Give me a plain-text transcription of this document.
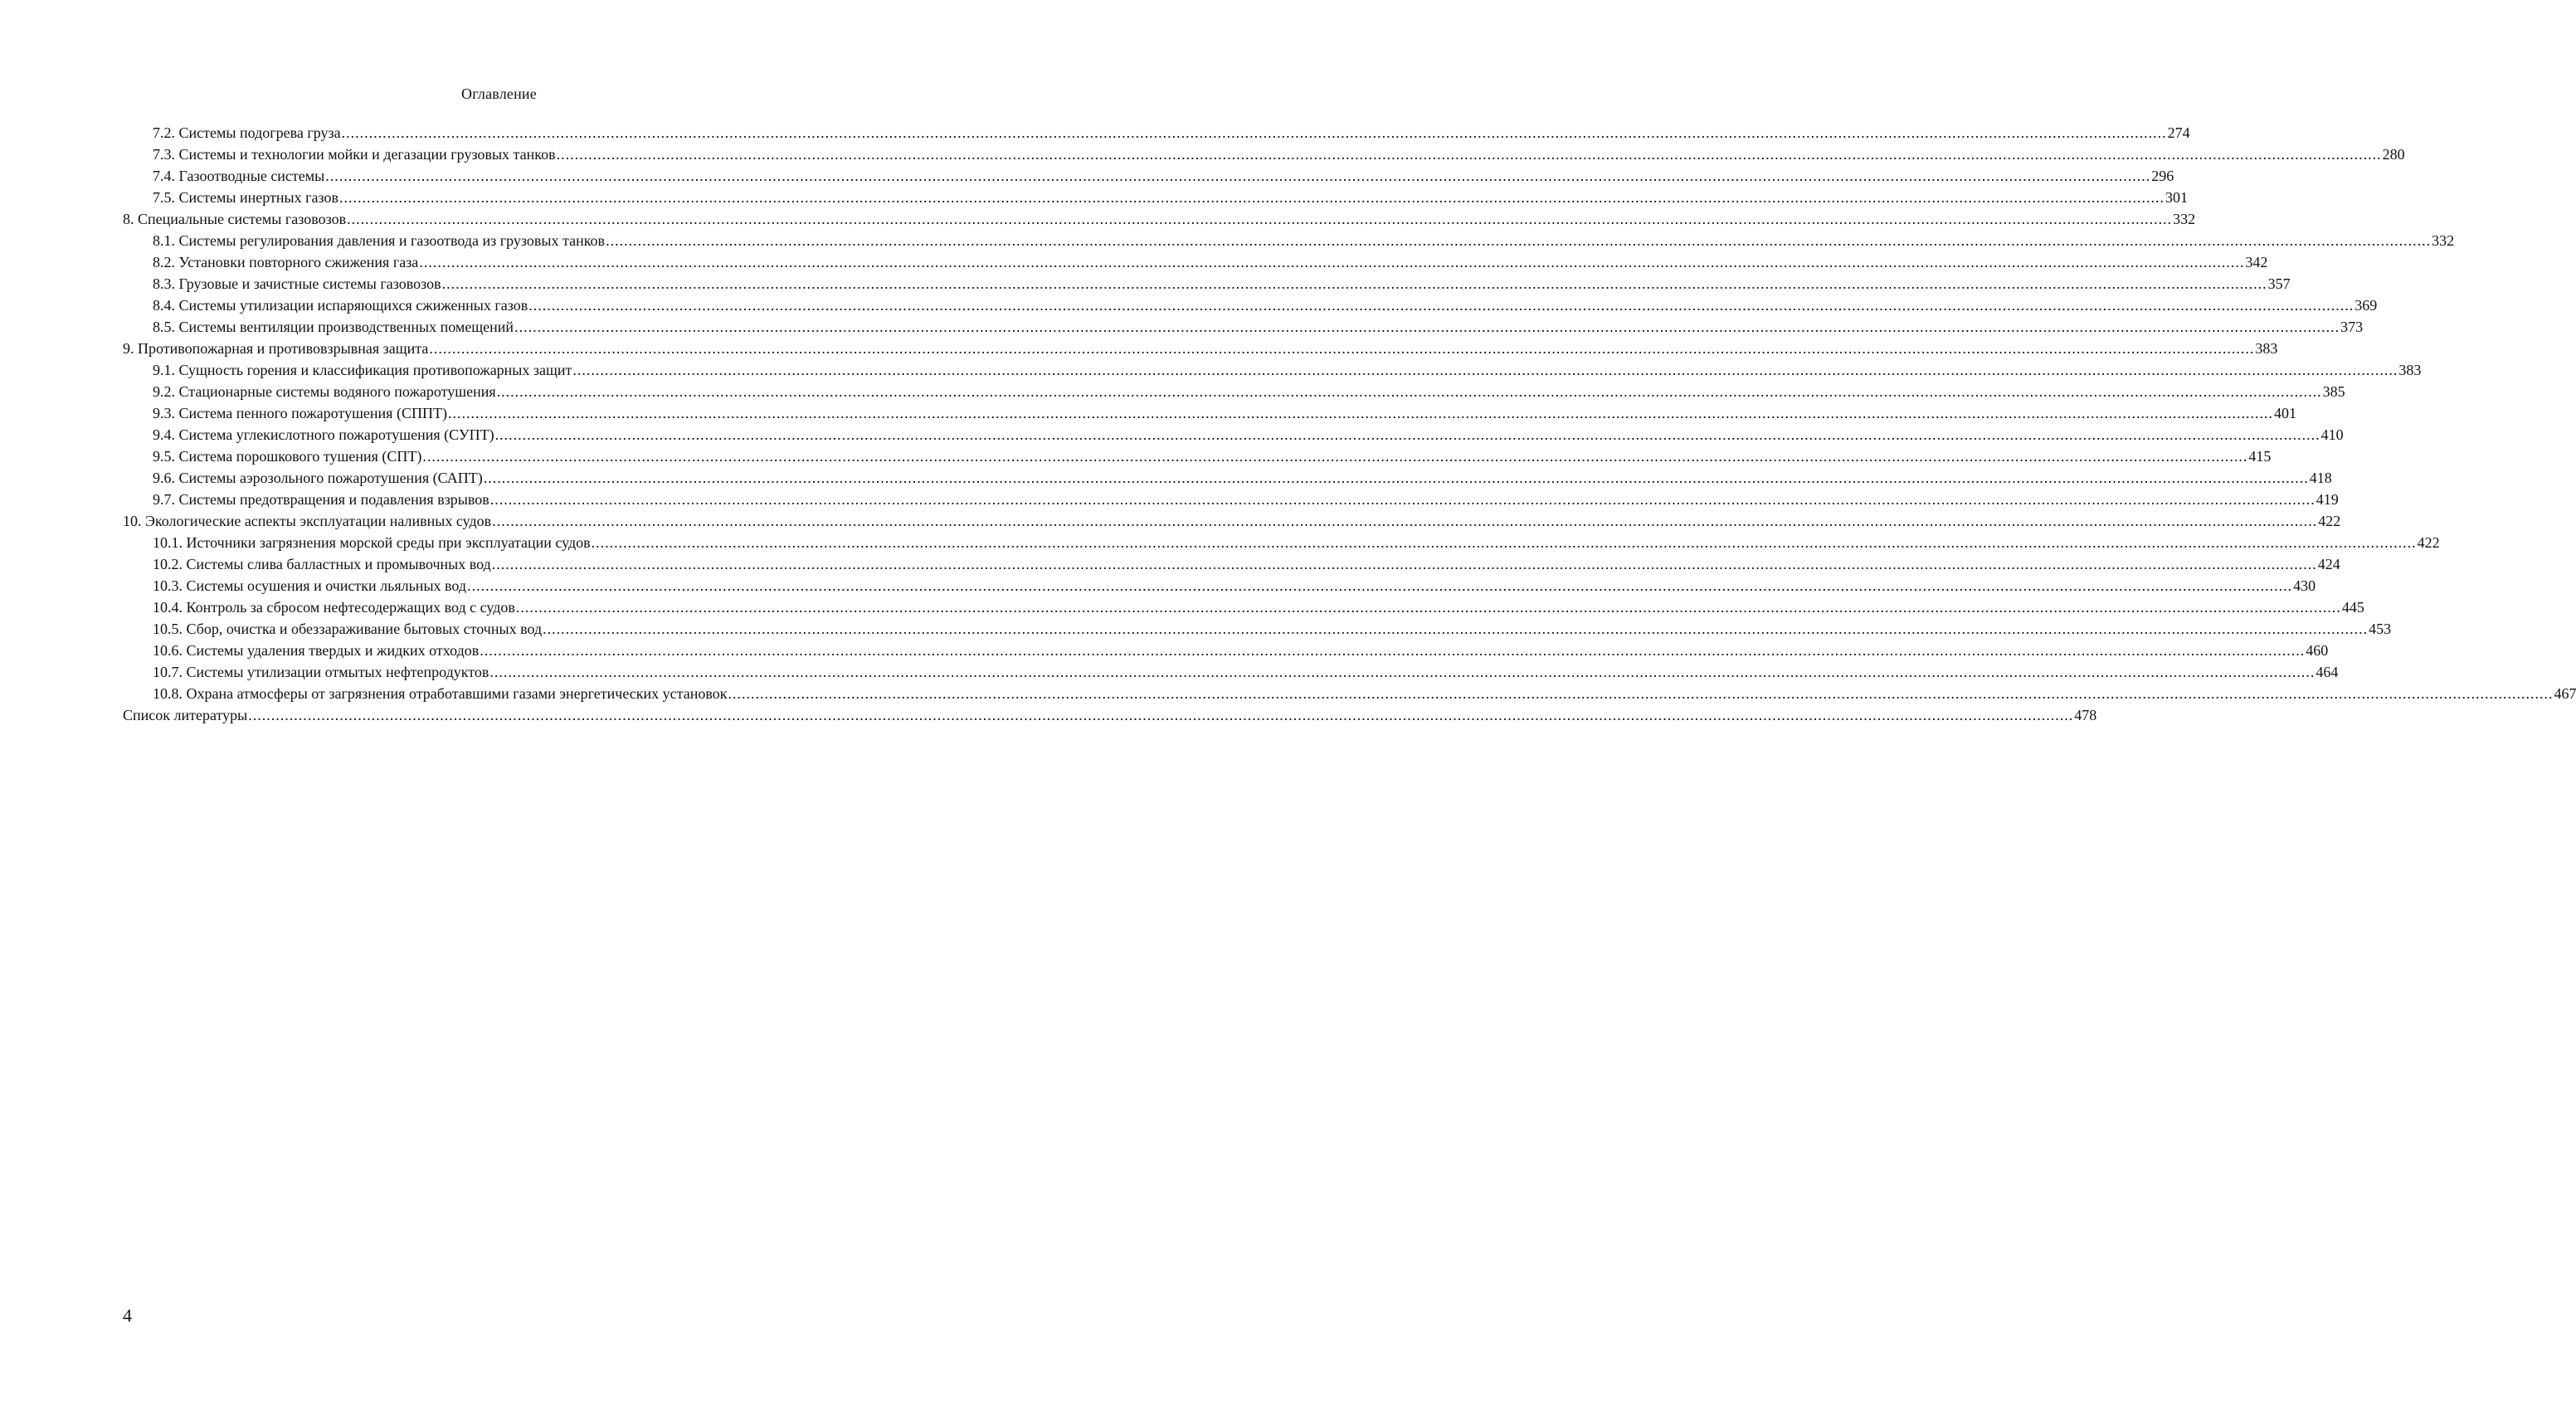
Оглавление
7.2. Системы подогрева груза ................................................................................................................................................................................................................................................................................................................................................................................................................ 274
7.3. Системы и технологии мойки и дегазации грузовых танков ................................................................................................................................................................................................................................................................................................................................................................................................................ 280
7.4. Газоотводные системы ................................................................................................................................................................................................................................................................................................................................................................................................................ 296
7.5. Системы инертных газов ................................................................................................................................................................................................................................................................................................................................................................................................................ 301
8. Специальные системы газовозов ................................................................................................................................................................................................................................................................................................................................................................................................................ 332
8.1. Системы регулирования давления и газоотвода из грузовых танков ................................................................................................................................................................................................................................................................................................................................................................................................................ 332
8.2. Установки повторного сжижения газа ................................................................................................................................................................................................................................................................................................................................................................................................................ 342
8.3. Грузовые и зачистные системы газовозов ................................................................................................................................................................................................................................................................................................................................................................................................................ 357
8.4. Системы утилизации испаряющихся сжиженных газов ................................................................................................................................................................................................................................................................................................................................................................................................................ 369
8.5. Системы вентиляции производственных помещений ................................................................................................................................................................................................................................................................................................................................................................................................................ 373
9. Противопожарная и противовзрывная защита ................................................................................................................................................................................................................................................................................................................................................................................................................ 383
9.1. Сущность горения и классификация противопожарных защит ................................................................................................................................................................................................................................................................................................................................................................................................................ 383
9.2. Стационарные системы водяного пожаротушения ................................................................................................................................................................................................................................................................................................................................................................................................................ 385
9.3. Система пенного пожаротушения (СППТ) ................................................................................................................................................................................................................................................................................................................................................................................................................ 401
9.4. Система углекислотного пожаротушения (СУПТ) ................................................................................................................................................................................................................................................................................................................................................................................................................ 410
9.5. Система порошкового тушения (СПТ) ................................................................................................................................................................................................................................................................................................................................................................................................................ 415
9.6. Системы аэрозольного пожаротушения (САПТ) ................................................................................................................................................................................................................................................................................................................................................................................................................ 418
9.7. Системы предотвращения и подавления взрывов ................................................................................................................................................................................................................................................................................................................................................................................................................ 419
10. Экологические аспекты эксплуатации наливных судов ................................................................................................................................................................................................................................................................................................................................................................................................................ 422
10.1. Источники загрязнения морской среды при эксплуатации судов ................................................................................................................................................................................................................................................................................................................................................................................................................ 422
10.2. Системы слива балластных и промывочных вод ................................................................................................................................................................................................................................................................................................................................................................................................................ 424
10.3. Системы осушения и очистки льяльных вод ................................................................................................................................................................................................................................................................................................................................................................................................................ 430
10.4. Контроль за сбросом нефтесодержащих вод с судов ................................................................................................................................................................................................................................................................................................................................................................................................................ 445
10.5. Сбор, очистка и обеззараживание бытовых сточных вод ................................................................................................................................................................................................................................................................................................................................................................................................................ 453
10.6. Системы удаления твердых и жидких отходов ................................................................................................................................................................................................................................................................................................................................................................................................................ 460
10.7. Системы утилизации отмытых нефтепродуктов ................................................................................................................................................................................................................................................................................................................................................................................................................ 464
10.8. Охрана атмосферы от загрязнения отработавшими газами энергетических установок ................................................................................................................................................................................................................................................................................................................................................................................................................ 467
Список литературы ................................................................................................................................................................................................................................................................................................................................................................................................................ 478
4
